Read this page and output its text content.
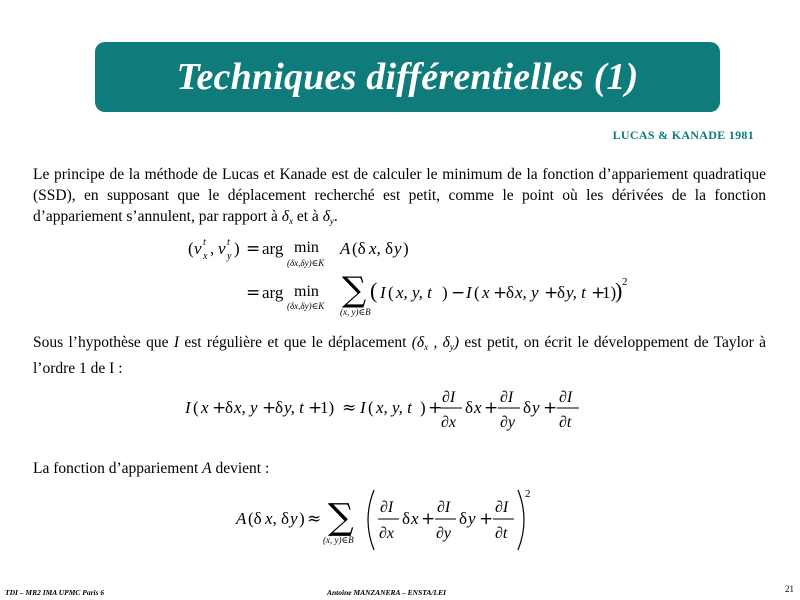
Techniques différentielles (1)
LUCAS & KANADE 1981
Le principe de la méthode de Lucas et Kanade est de calculer le minimum de la fonction d’appariement quadratique (SSD), en supposant que le déplacement recherché est petit, comme le point où les dérivées de la fonction d’appariement s’annulent, par rapport à $\delta_x$ et à $\delta_y$.
( v t
x , v t
y ) = arg min
(δx,δy)∈K
A (δ x, δ y )
= arg min
(δx,δy)∈K ∑
(x, y)∈B
( I ( x, y, t ) − I ( x +
δ x, y +
δ y, t +
1)
) 2
Sous l’hypothèse que I est régulière et que le déplacement ($\delta_x$ , $\delta_y$) est petit, on écrit le développement de Taylor à l’ordre 1 de I :
I ( x +
δ x, y +
δ y, t +
1) ≈ I ( x, y, t ) +
∂I
∂x
δ x +
∂I
∂y
δ y +
∂I
∂t
La fonction d’appariement A devient :
A (δ x, δ y ) ≈ ∑
(x, y)∈B
∂I
∂x
δ x +
∂I
∂y
δ y +
∂I
∂t
2
TDI – MR2 IMA UPMC Paris 6	Antoine MANZANERA – ENSTA/LEI	21
